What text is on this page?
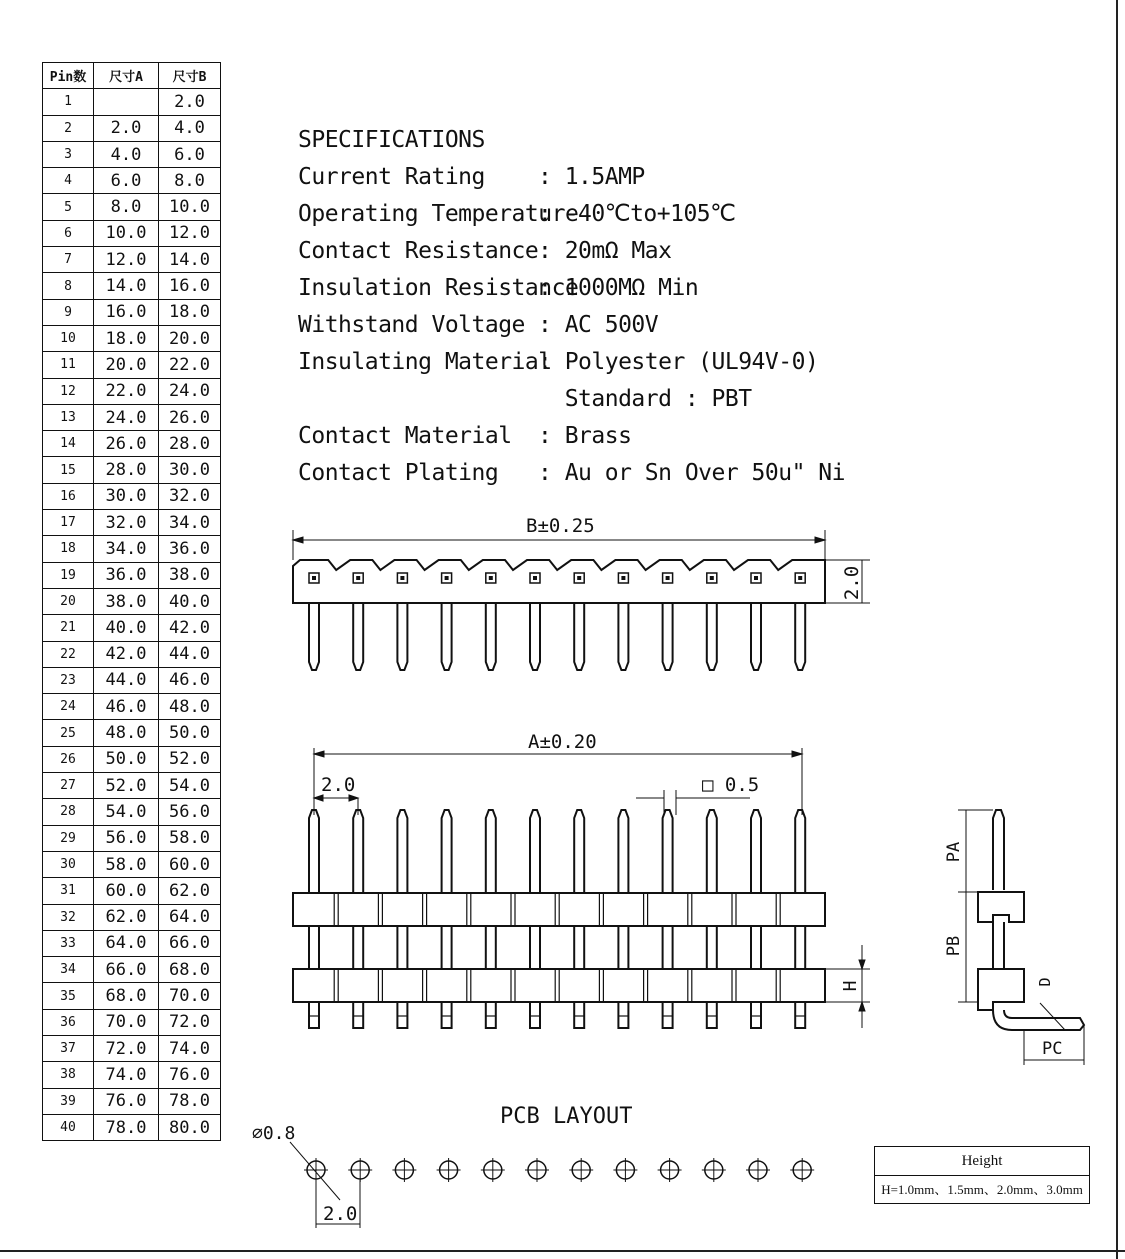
Pin数	尺寸A	尺寸B
1		2.0
2	2.0	4.0
3	4.0	6.0
4	6.0	8.0
5	8.0	10.0
6	10.0	12.0
7	12.0	14.0
8	14.0	16.0
9	16.0	18.0
10	18.0	20.0
11	20.0	22.0
12	22.0	24.0
13	24.0	26.0
14	26.0	28.0
15	28.0	30.0
16	30.0	32.0
17	32.0	34.0
18	34.0	36.0
19	36.0	38.0
20	38.0	40.0
21	40.0	42.0
22	42.0	44.0
23	44.0	46.0
24	46.0	48.0
25	48.0	50.0
26	50.0	52.0
27	52.0	54.0
28	54.0	56.0
29	56.0	58.0
30	58.0	60.0
31	60.0	62.0
32	62.0	64.0
33	64.0	66.0
34	66.0	68.0
35	68.0	70.0
36	70.0	72.0
37	72.0	74.0
38	74.0	76.0
39	76.0	78.0
40	78.0	80.0
SPECIFICATIONS
Current Rating	: 1.5AMP
Operating Temperature
: -40℃to+105℃
Contact Resistance : 20mΩ Max
Insulation Resistance
: 1000MΩ Min
Withstand Voltage : AC 500V
Insulating Material
: Polyester (UL94V-0)
Standard : PBT
Contact Material	: Brass
Contact Plating	: Au or Sn Over 50u" Ni
B±0.25
2.0
A±0.20
2.0	□ 0.5
H
PA
PB
D
PC
⌀0.8
2.0
PCB LAYOUT
Height
H=1.0mm、1.5mm、2.0mm、3.0mm
